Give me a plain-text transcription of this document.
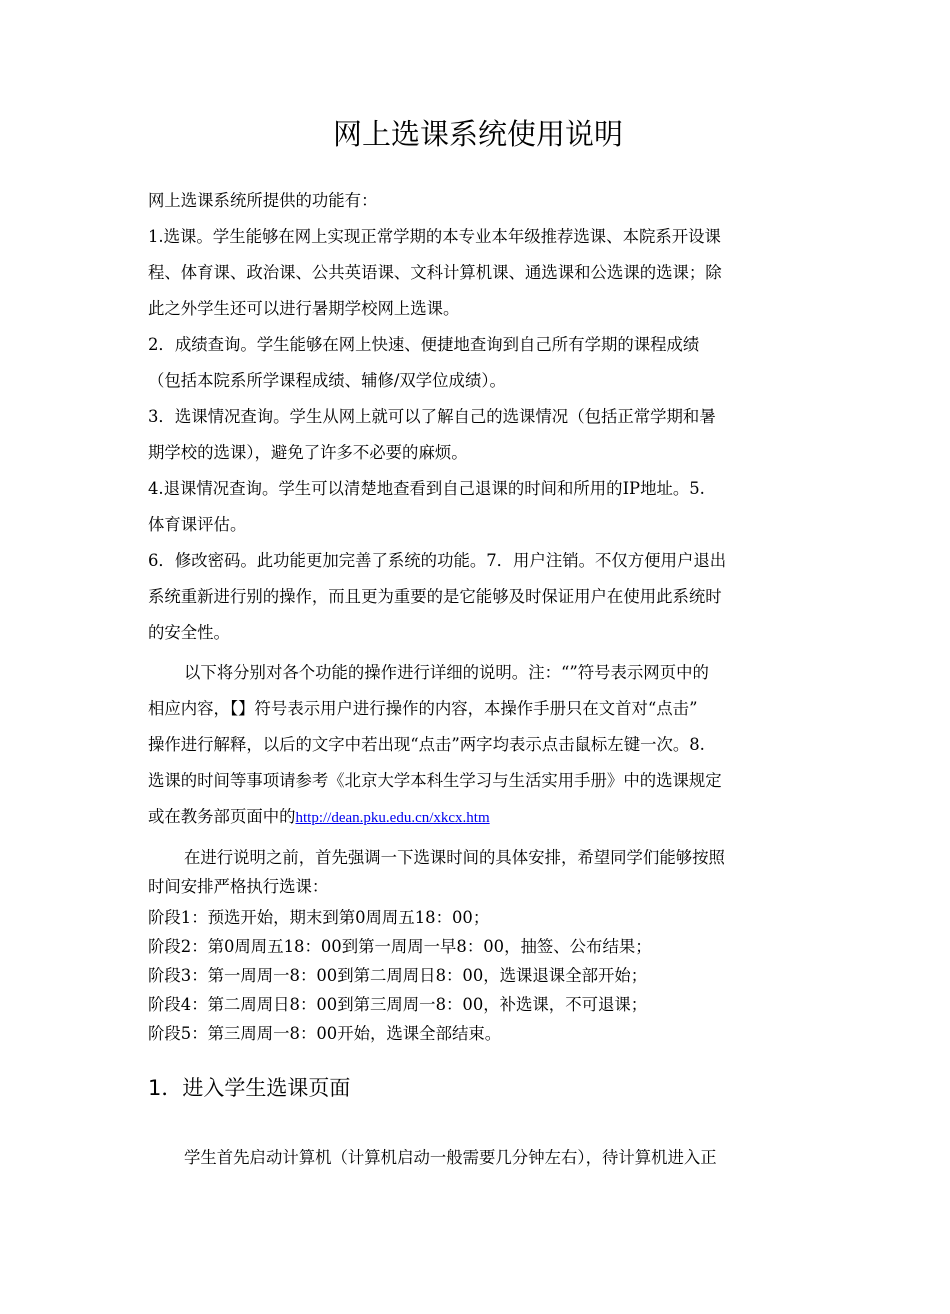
网上选课系统使用说明
网上选课系统所提供的功能有：
1.选课。学生能够在网上实现正常学期的本专业本年级推荐选课、本院系开设课
程、体育课、政治课、公共英语课、文科计算机课、通选课和公选课的选课；除
此之外学生还可以进行暑期学校网上选课。
2．成绩查询。学生能够在网上快速、便捷地查询到自己所有学期的课程成绩
（包括本院系所学课程成绩、辅修/双学位成绩）。
3．选课情况查询。学生从网上就可以了解自己的选课情况（包括正常学期和暑
期学校的选课），避免了许多不必要的麻烦。
4.退课情况查询。学生可以清楚地查看到自己退课的时间和所用的IP地址。5.
体育课评估。
6．修改密码。此功能更加完善了系统的功能。7．用户注销。不仅方便用户退出
系统重新进行别的操作，而且更为重要的是它能够及时保证用户在使用此系统时
的安全性。
以下将分别对各个功能的操作进行详细的说明。注：“”符号表示网页中的
相应内容，【】符号表示用户进行操作的内容，本操作手册只在文首对“点击”
操作进行解释，以后的文字中若出现“点击”两字均表示点击鼠标左键一次。8.
选课的时间等事项请参考《北京大学本科生学习与生活实用手册》中的选课规定
或在教务部页面中的http://dean.pku.edu.cn/xkcx.htm
在进行说明之前，首先强调一下选课时间的具体安排，希望同学们能够按照
时间安排严格执行选课：
阶段1：预选开始，期末到第0周周五18：00；
阶段2：第0周周五18：00到第一周周一早8：00，抽签、公布结果；
阶段3：第一周周一8：00到第二周周日8：00，选课退课全部开始；
阶段4：第二周周日8：00到第三周周一8：00，补选课，不可退课；
阶段5：第三周周一8：00开始，选课全部结束。
1．进入学生选课页面
学生首先启动计算机（计算机启动一般需要几分钟左右），待计算机进入正
